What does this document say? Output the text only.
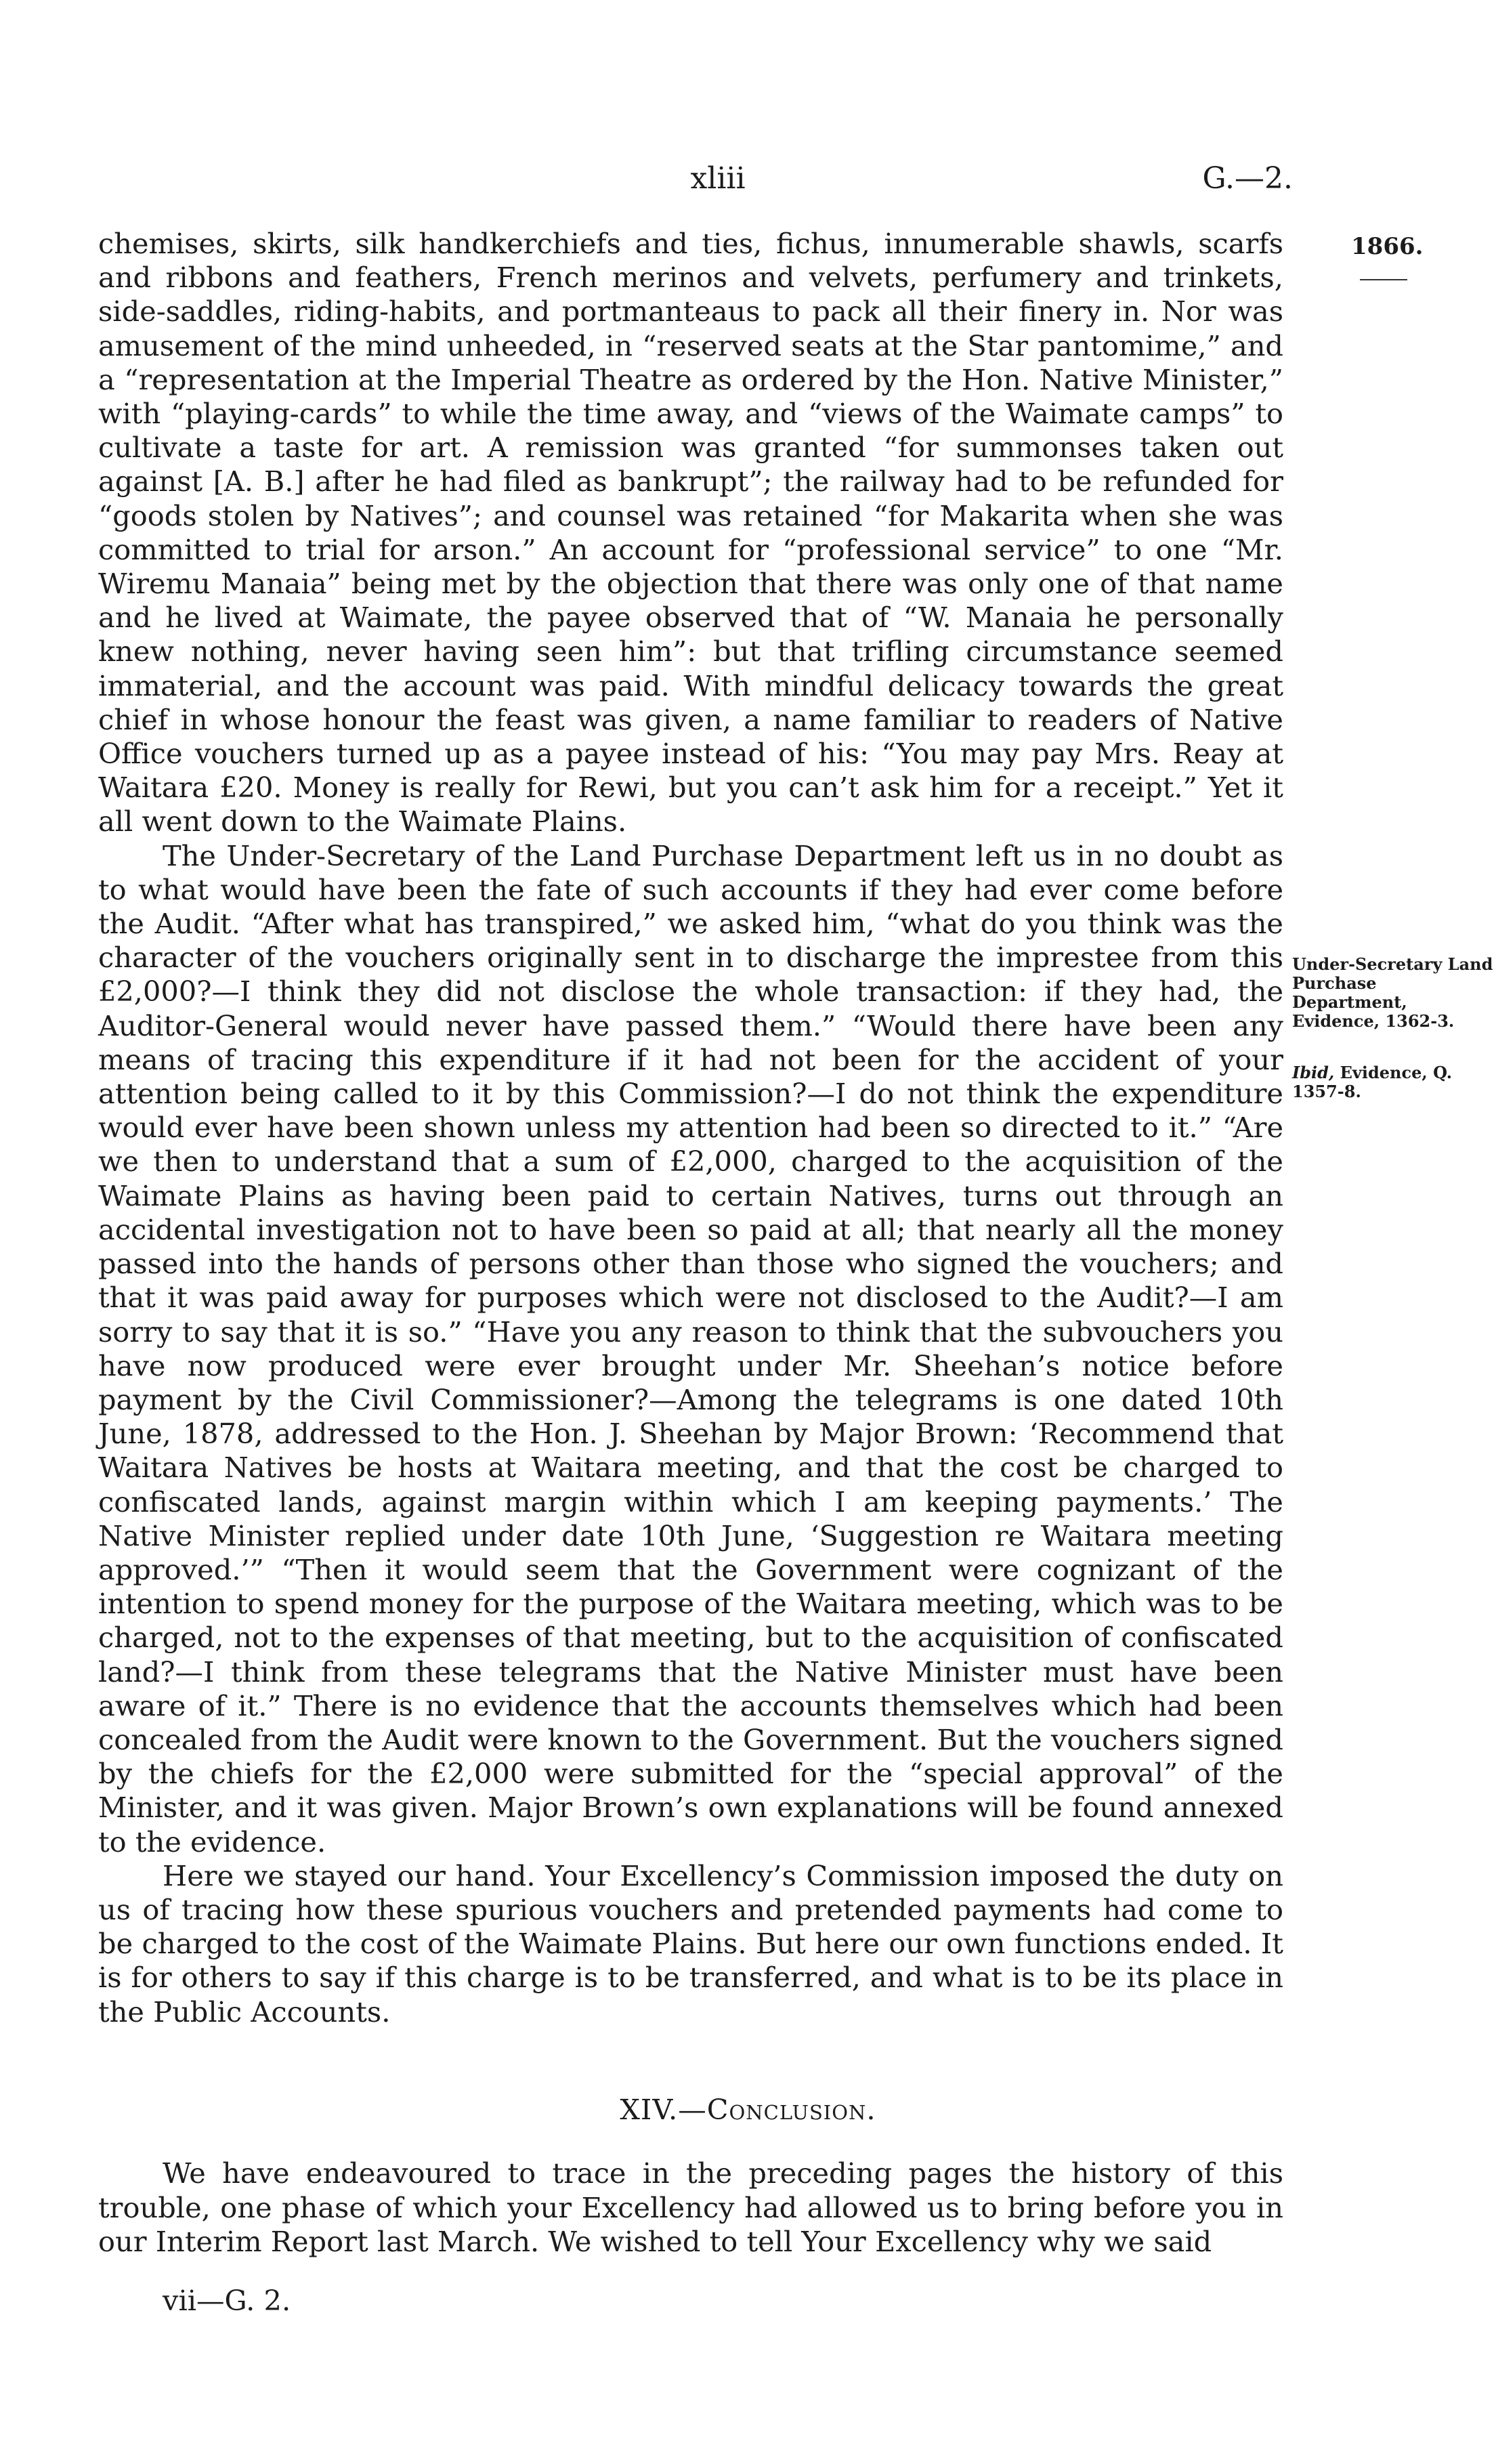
xliii	G.—2.
1866.
Under-Secretary Land Purchase Department, Evidence, 1362-3.
Ibid, Evidence, Q. 1357-8.

chemises, skirts, silk handkerchiefs and ties, fichus, innumerable shawls, scarfs and ribbons and feathers, French merinos and velvets, perfumery and trinkets, side-saddles, riding-habits, and portmanteaus to pack all their finery in. Nor was amusement of the mind unheeded, in “reserved seats at the Star pantomime,” and a “representation at the Imperial Theatre as ordered by the Hon. Native Minister,” with “playing-cards” to while the time away, and “views of the Waimate camps” to cultivate a taste for art. A remission was granted “for summonses taken out against [A. B.] after he had filed as bankrupt”; the railway had to be refunded for “goods stolen by Natives”; and counsel was retained “for Makarita when she was committed to trial for arson.” An account for “professional service” to one “Mr. Wiremu Manaia” being met by the objection that there was only one of that name and he lived at Waimate, the payee observed that of “W. Manaia he personally knew nothing, never having seen him”: but that trifling circumstance seemed immaterial, and the account was paid. With mindful delicacy towards the great chief in whose honour the feast was given, a name familiar to readers of Native Office vouchers turned up as a payee instead of his: “You may pay Mrs. Reay at Waitara £20. Money is really for Rewi, but you can’t ask him for a receipt.” Yet it all went down to the Waimate Plains.

The Under-Secretary of the Land Purchase Department left us in no doubt as to what would have been the fate of such accounts if they had ever come before the Audit. “After what has transpired,” we asked him, “what do you think was the character of the vouchers originally sent in to discharge the imprestee from this £2,000?—I think they did not disclose the whole transaction: if they had, the Auditor-General would never have passed them.” “Would there have been any means of tracing this expenditure if it had not been for the accident of your attention being called to it by this Commission?—I do not think the expenditure would ever have been shown unless my attention had been so directed to it.” “Are we then to understand that a sum of £2,000, charged to the acquisition of the Waimate Plains as having been paid to certain Natives, turns out through an accidental investigation not to have been so paid at all; that nearly all the money passed into the hands of persons other than those who signed the vouchers; and that it was paid away for purposes which were not disclosed to the Audit?—I am sorry to say that it is so.” “Have you any reason to think that the subvouchers you have now produced were ever brought under Mr. Sheehan’s notice before payment by the Civil Commissioner?—Among the telegrams is one dated 10th June, 1878, addressed to the Hon. J. Sheehan by Major Brown: ‘Recommend that Waitara Natives be hosts at Waitara meeting, and that the cost be charged to confiscated lands, against margin within which I am keeping payments.’ The Native Minister replied under date 10th June, ‘Suggestion re Waitara meeting approved.’” “Then it would seem that the Government were cognizant of the intention to spend money for the purpose of the Waitara meeting, which was to be charged, not to the expenses of that meeting, but to the acquisition of confiscated land?—I think from these telegrams that the Native Minister must have been aware of it.” There is no evidence that the accounts themselves which had been concealed from the Audit were known to the Government. But the vouchers signed by the chiefs for the £2,000 were submitted for the “special approval” of the Minister, and it was given. Major Brown’s own explanations will be found annexed to the evidence.

Here we stayed our hand. Your Excellency’s Commission imposed the duty on us of tracing how these spurious vouchers and pretended payments had come to be charged to the cost of the Waimate Plains. But here our own functions ended. It is for others to say if this charge is to be transferred, and what is to be its place in the Public Accounts.

XIV.—Conclusion.

We have endeavoured to trace in the preceding pages the history of this trouble, one phase of which your Excellency had allowed us to bring before you in our Interim Report last March. We wished to tell Your Excellency why we said

vii—G. 2.
